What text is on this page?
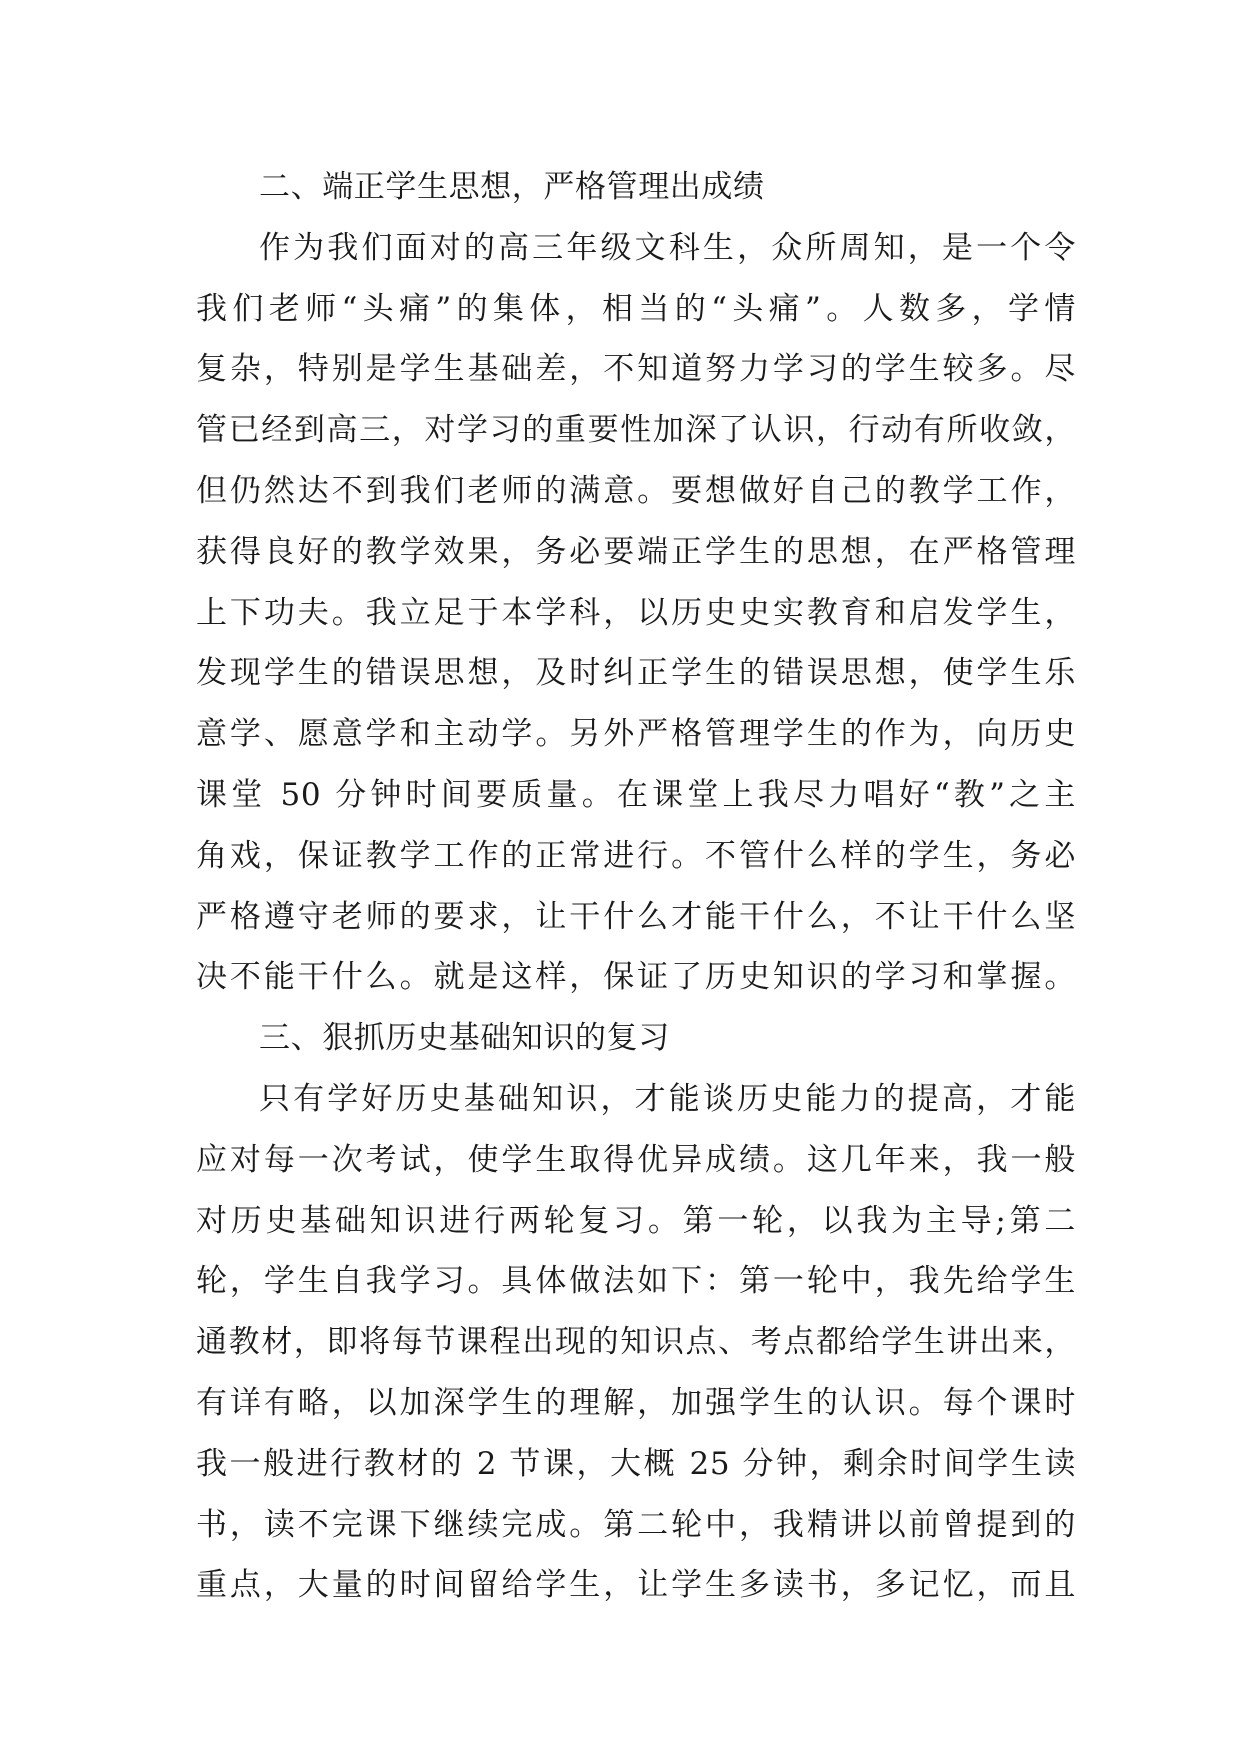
二、端正学生思想，严格管理出成绩
作为我们面对的高三年级文科生，众所周知，是一个令
我们老师“头痛”的集体，相当的“头痛”。人数多，学情
复杂，特别是学生基础差，不知道努力学习的学生较多。尽
管已经到高三，对学习的重要性加深了认识，行动有所收敛，
但仍然达不到我们老师的满意。要想做好自己的教学工作，
获得良好的教学效果，务必要端正学生的思想，在严格管理
上下功夫。我立足于本学科，以历史史实教育和启发学生，
发现学生的错误思想，及时纠正学生的错误思想，使学生乐
意学、愿意学和主动学。另外严格管理学生的作为，向历史
课堂 50 分钟时间要质量。在课堂上我尽力唱好“教”之主
角戏，保证教学工作的正常进行。不管什么样的学生，务必
严格遵守老师的要求，让干什么才能干什么，不让干什么坚
决不能干什么。就是这样，保证了历史知识的学习和掌握。
三、狠抓历史基础知识的复习
只有学好历史基础知识，才能谈历史能力的提高，才能
应对每一次考试，使学生取得优异成绩。这几年来，我一般
对历史基础知识进行两轮复习。第一轮，以我为主导;第二
轮，学生自我学习。具体做法如下：第一轮中，我先给学生
通教材，即将每节课程出现的知识点、考点都给学生讲出来，
有详有略，以加深学生的理解，加强学生的认识。每个课时
我一般进行教材的 2 节课，大概 25 分钟，剩余时间学生读
书，读不完课下继续完成。第二轮中，我精讲以前曾提到的
重点，大量的时间留给学生，让学生多读书，多记忆，而且
